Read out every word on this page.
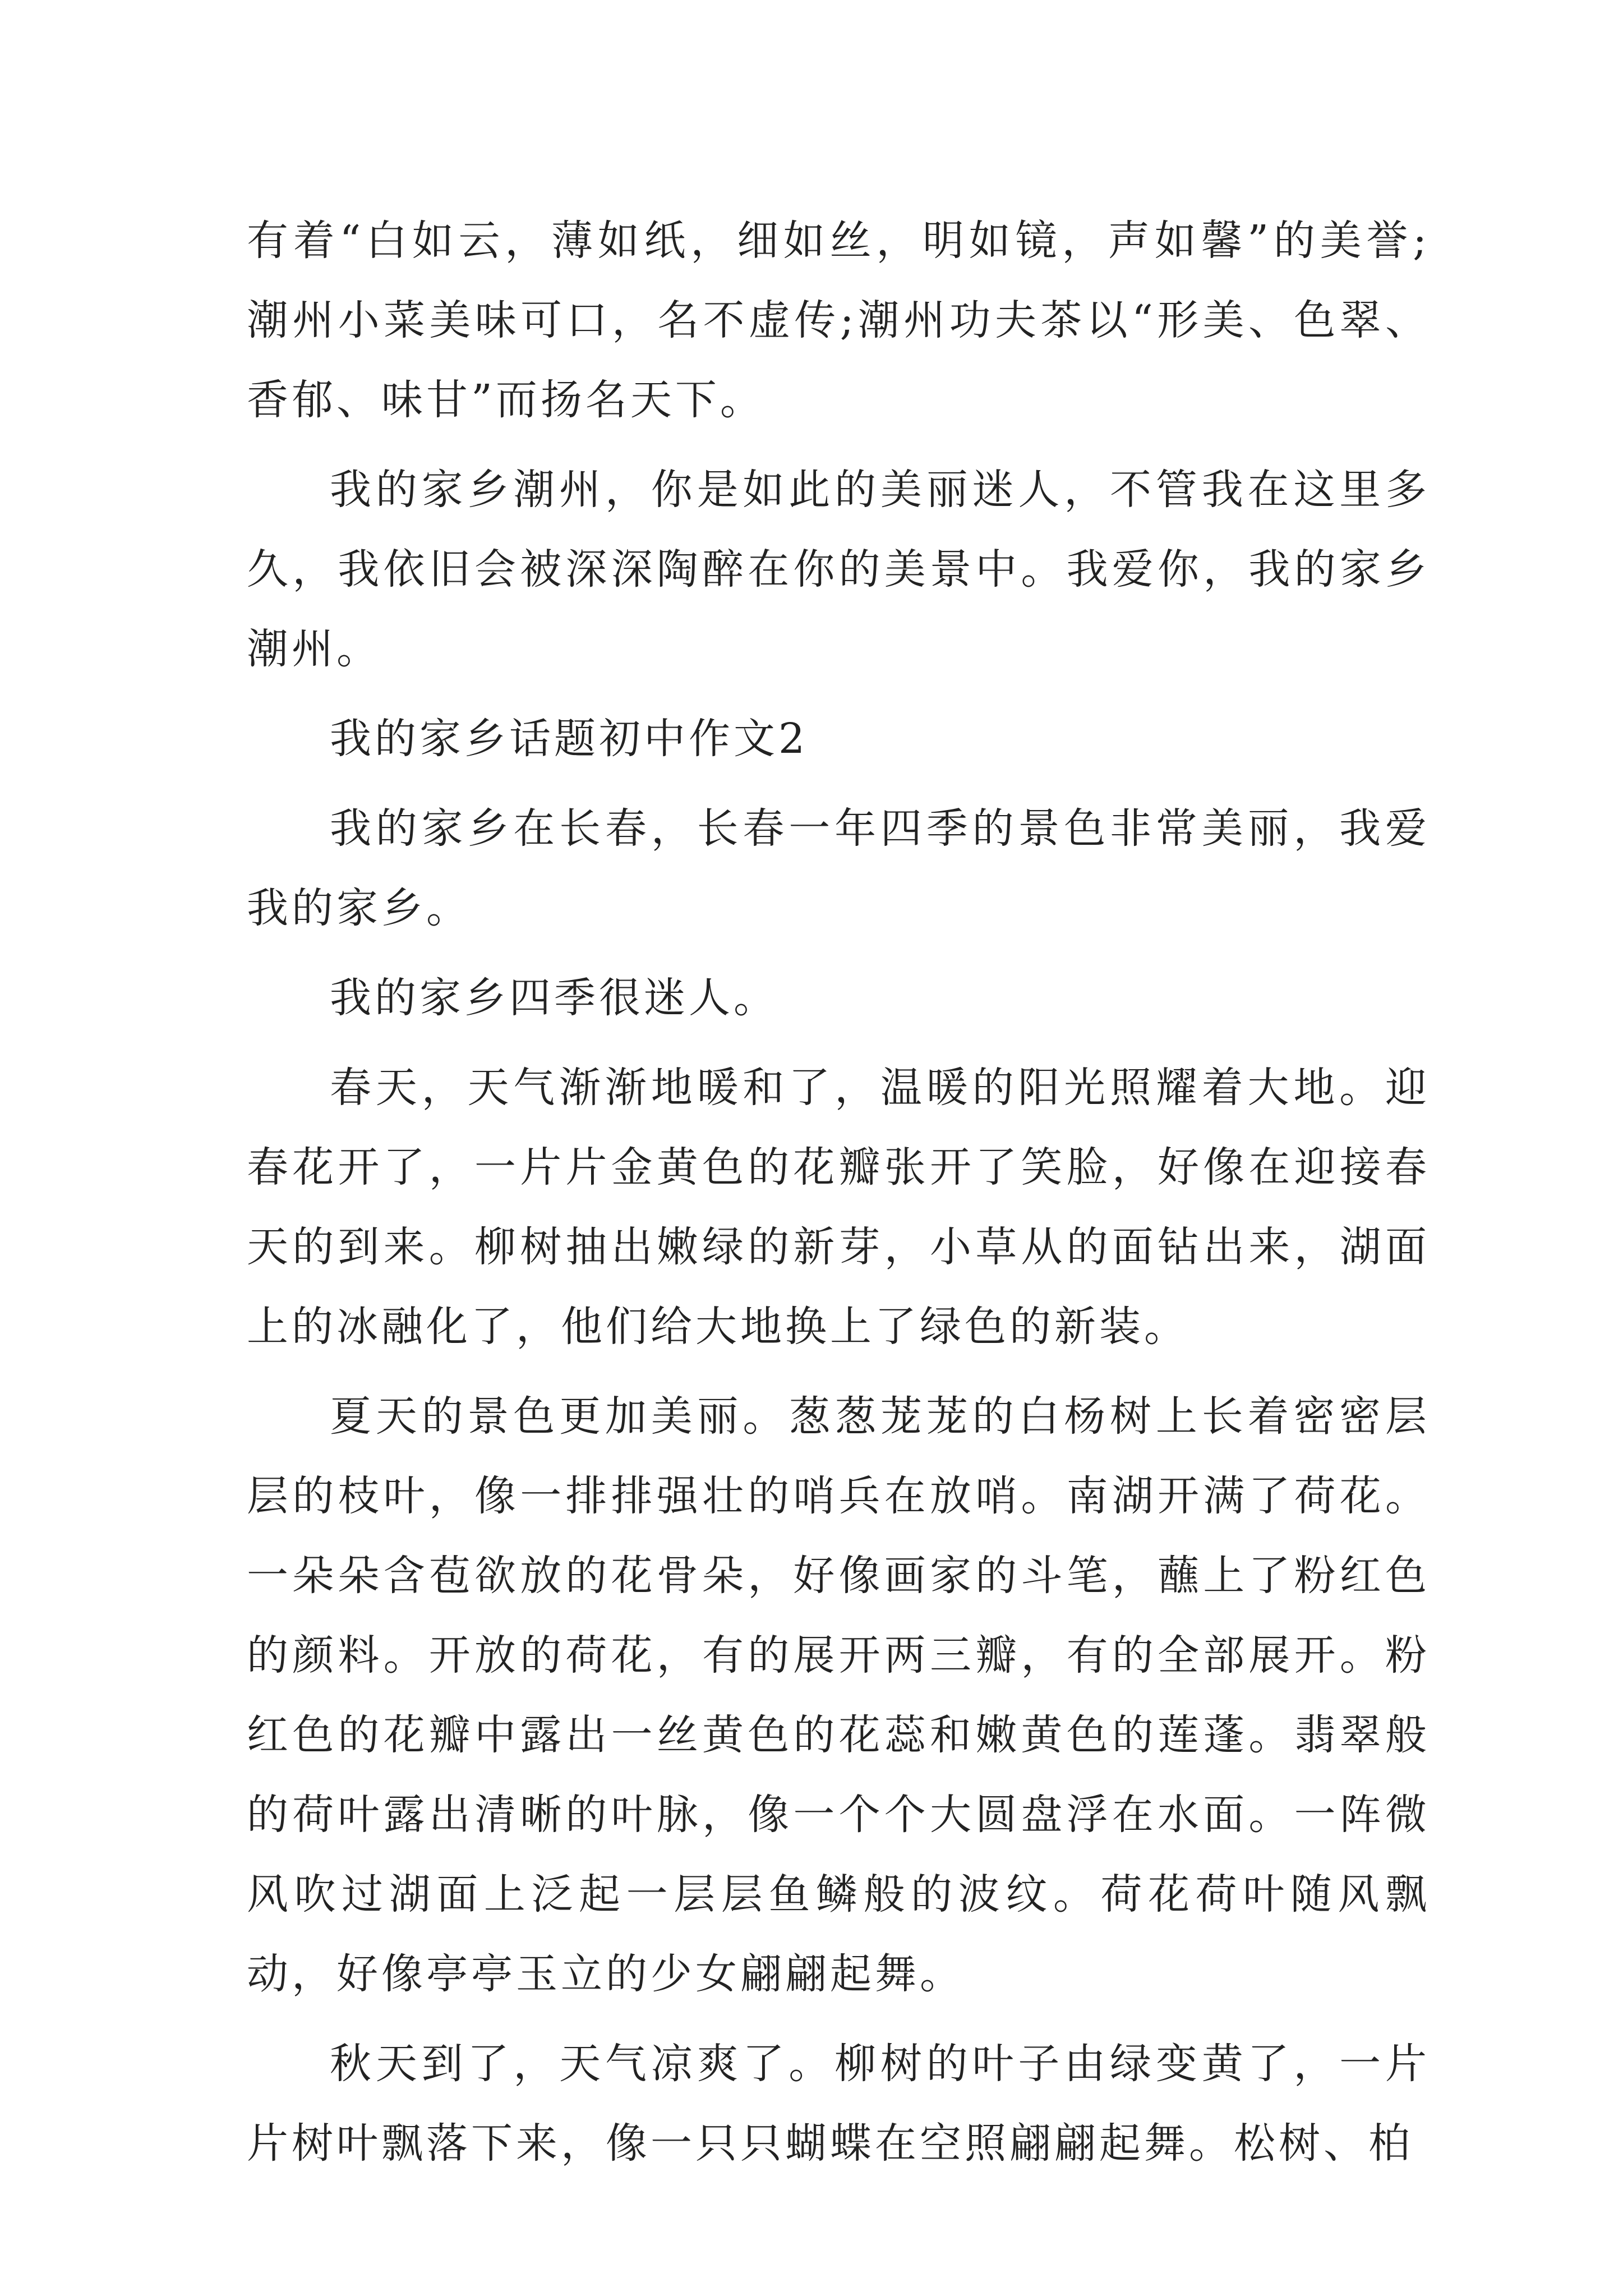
有着“白如云，薄如纸，细如丝，明如镜，声如馨”的美誉;潮州小菜美味可口，名不虚传;潮州功夫茶以“形美、色翠、香郁、味甘”而扬名天下。

我的家乡潮州，你是如此的美丽迷人，不管我在这里多久，我依旧会被深深陶醉在你的美景中。我爱你，我的家乡潮州。

我的家乡话题初中作文2

我的家乡在长春，长春一年四季的景色非常美丽，我爱我的家乡。

我的家乡四季很迷人。

春天，天气渐渐地暖和了，温暖的阳光照耀着大地。迎春花开了，一片片金黄色的花瓣张开了笑脸，好像在迎接春天的到来。柳树抽出嫩绿的新芽，小草从的面钻出来，湖面上的冰融化了，他们给大地换上了绿色的新装。

夏天的景色更加美丽。葱葱茏茏的白杨树上长着密密层层的枝叶，像一排排强壮的哨兵在放哨。南湖开满了荷花。一朵朵含苞欲放的花骨朵，好像画家的斗笔，蘸上了粉红色的颜料。开放的荷花，有的展开两三瓣，有的全部展开。粉红色的花瓣中露出一丝黄色的花蕊和嫩黄色的莲蓬。翡翠般的荷叶露出清晰的叶脉，像一个个大圆盘浮在水面。一阵微风吹过湖面上泛起一层层鱼鳞般的波纹。荷花荷叶随风飘动，好像亭亭玉立的少女翩翩起舞。

秋天到了，天气凉爽了。柳树的叶子由绿变黄了，一片片树叶飘落下来，像一只只蝴蝶在空照翩翩起舞。松树、柏
